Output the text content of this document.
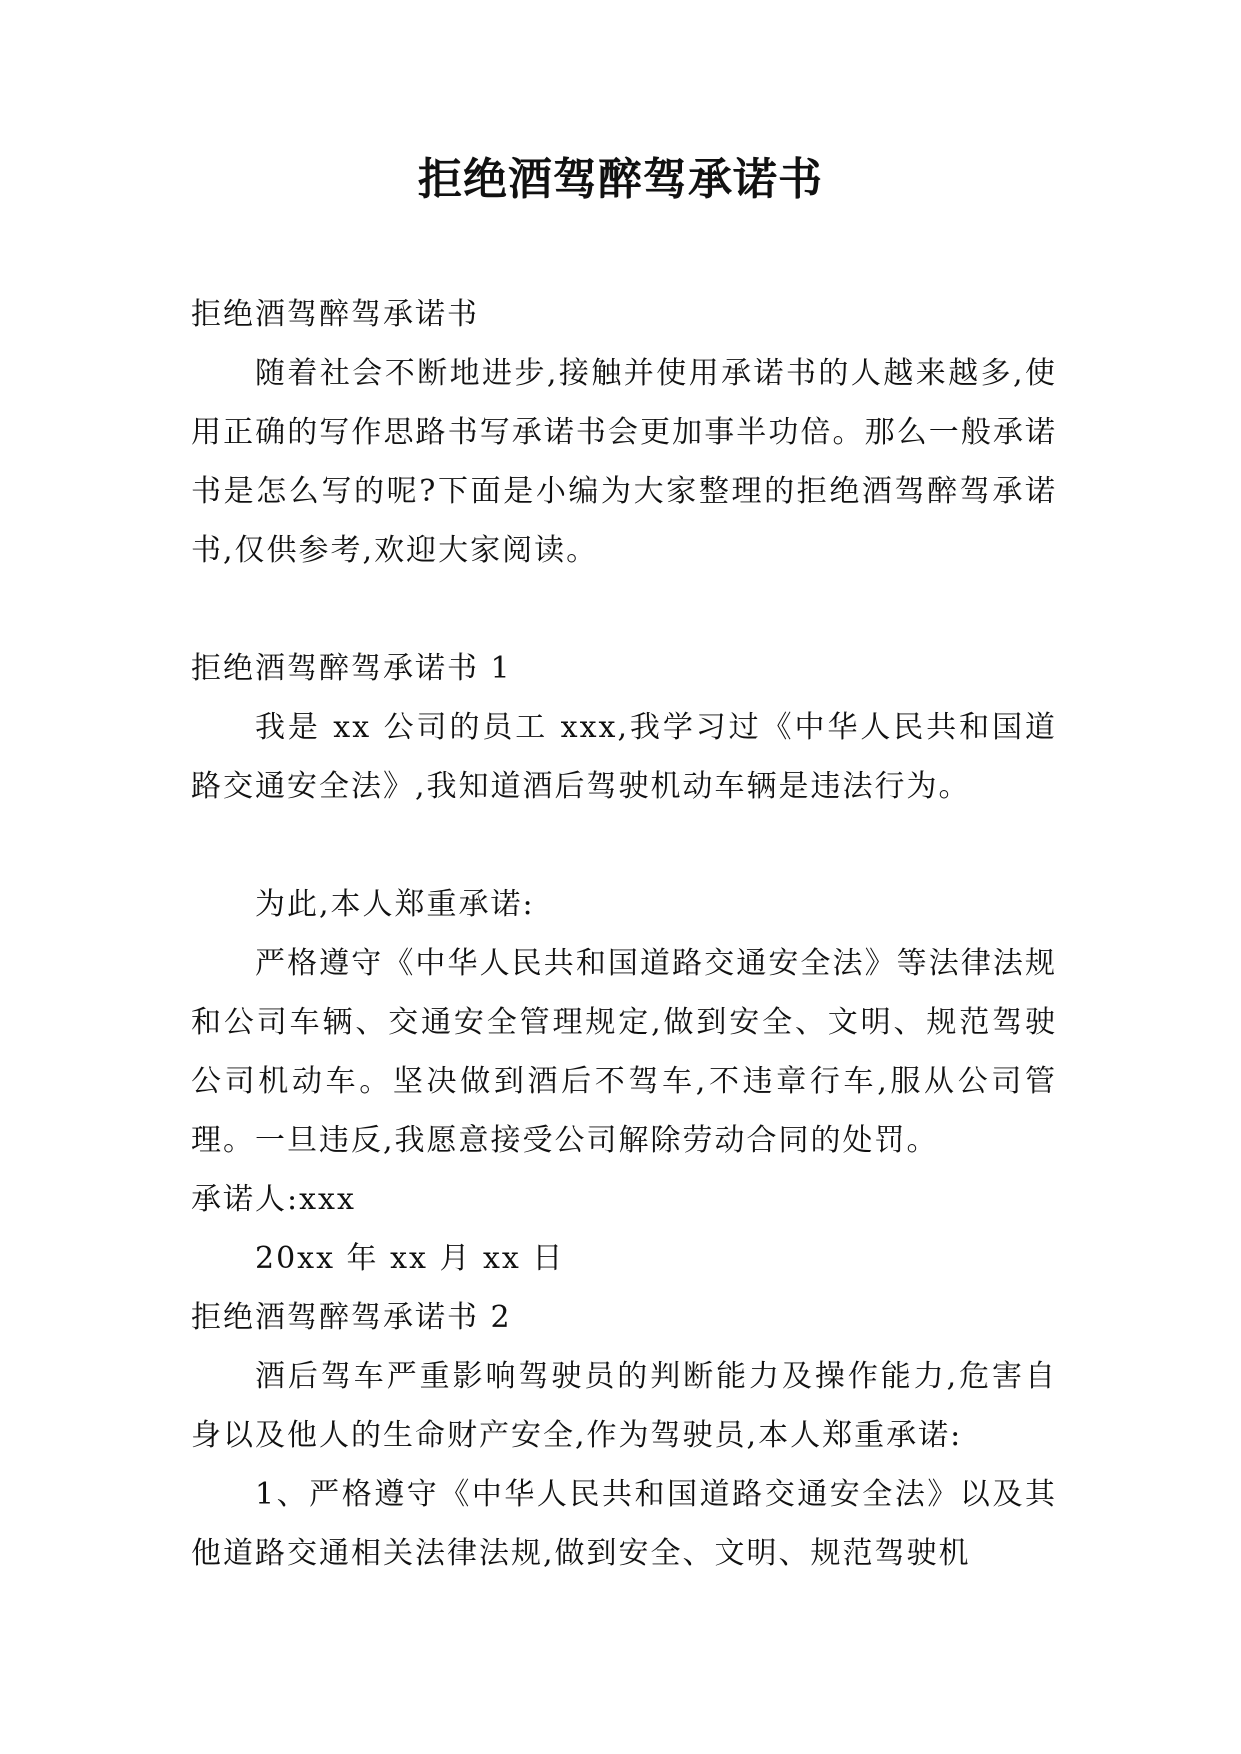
拒绝酒驾醉驾承诺书

拒绝酒驾醉驾承诺书

随着社会不断地进步,接触并使用承诺书的人越来越多,使用正确的写作思路书写承诺书会更加事半功倍。那么一般承诺书是怎么写的呢?下面是小编为大家整理的拒绝酒驾醉驾承诺书,仅供参考,欢迎大家阅读。

拒绝酒驾醉驾承诺书 1

我是 xx 公司的员工 xxx,我学习过《中华人民共和国道路交通安全法》,我知道酒后驾驶机动车辆是违法行为。

为此,本人郑重承诺:

严格遵守《中华人民共和国道路交通安全法》等法律法规和公司车辆、交通安全管理规定,做到安全、文明、规范驾驶公司机动车。坚决做到酒后不驾车,不违章行车,服从公司管理。一旦违反,我愿意接受公司解除劳动合同的处罚。

承诺人:xxx

20xx 年 xx 月 xx 日

拒绝酒驾醉驾承诺书 2

酒后驾车严重影响驾驶员的判断能力及操作能力,危害自身以及他人的生命财产安全,作为驾驶员,本人郑重承诺:

1、严格遵守《中华人民共和国道路交通安全法》以及其他道路交通相关法律法规,做到安全、文明、规范驾驶机
